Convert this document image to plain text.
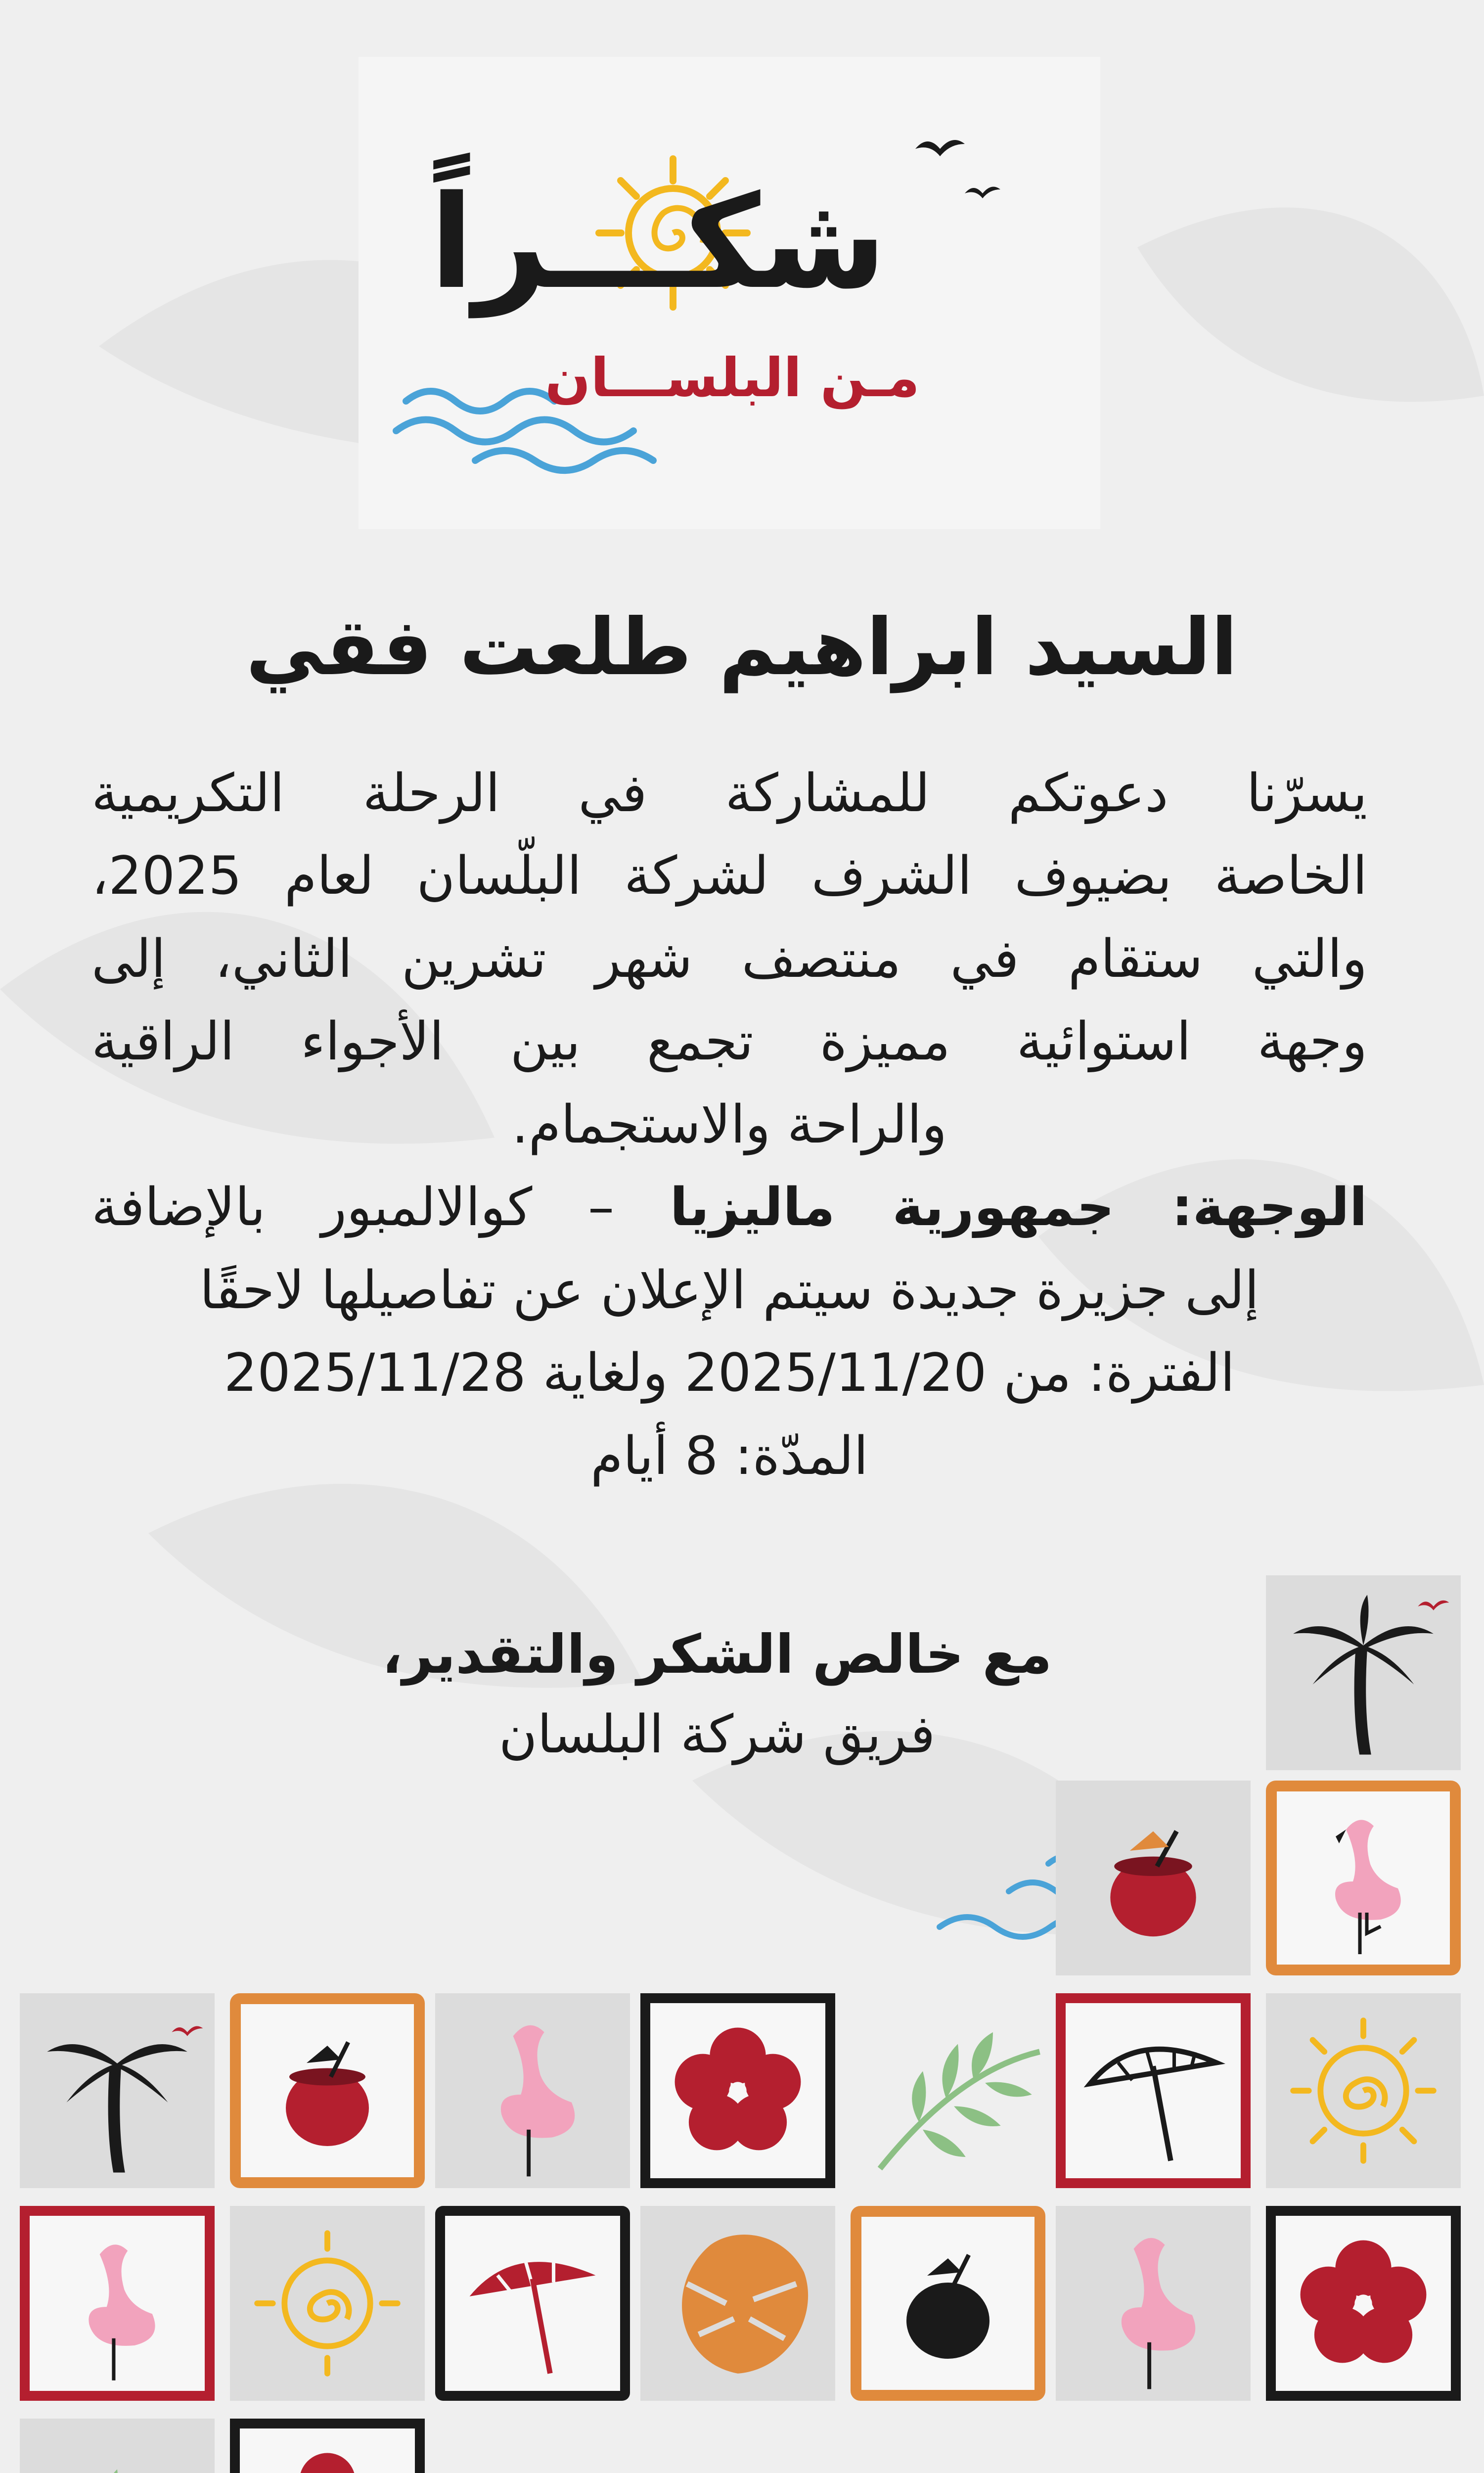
شكـــراً
مـن البلســـان
السيد ابراهيم طلعت فقي

يسرّنا دعوتكم للمشاركة في الرحلة التكريمية

الخاصة بضيوف الشرف لشركة البلّسان لعام 2025،

والتي ستقام في منتصف شهر تشرين الثاني، إلى

وجهة استوائية مميزة تجمع بين الأجواء الراقية

والراحة والاستجمام.

الوجهة: جمهورية ماليزيا – كوالالمبور بالإضافة

إلى جزيرة جديدة سيتم الإعلان عن تفاصيلها لاحقًا

الفترة: من 2025/11/20 ولغاية 2025/11/28

المدّة: 8 أيام

مع خالص الشكر والتقدير،
فريق شركة البلسان
